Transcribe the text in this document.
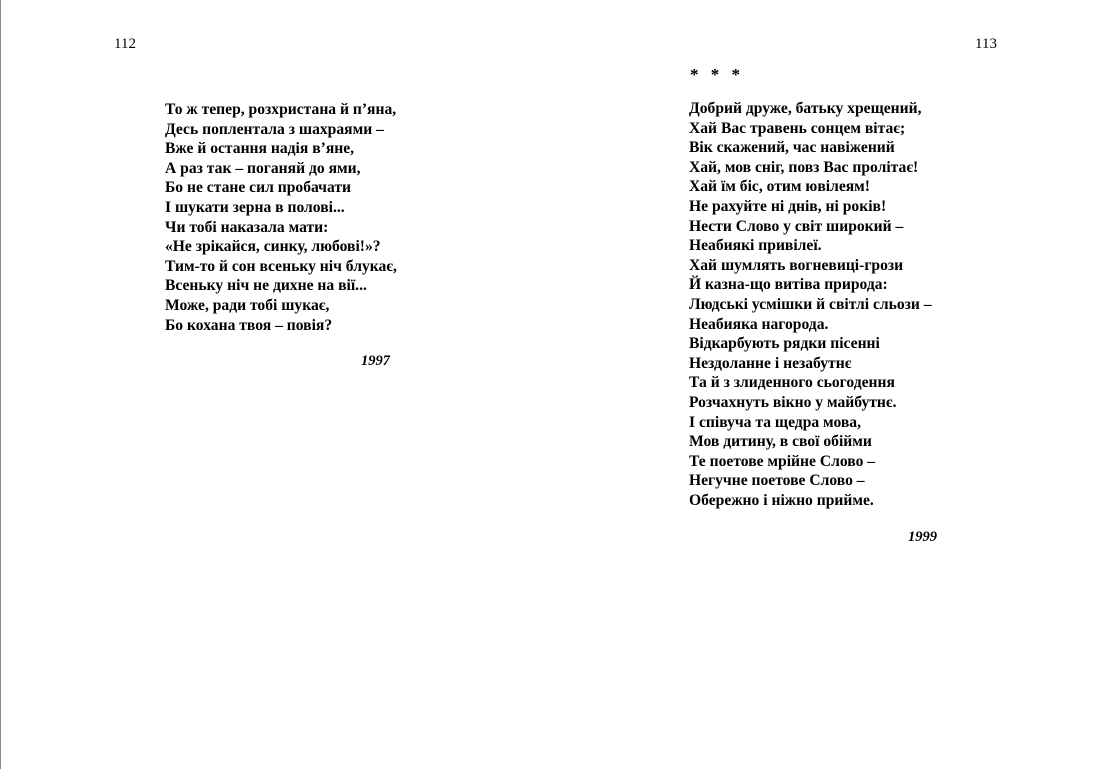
112
То ж тепер, розхристана й п’яна,
Десь поплентала з шахраями –
Вже й остання надія в’яне,
А раз так – поганяй до ями,
Бо не стане сил пробачати
І шукати зерна в полові...
Чи тобі наказала мати:
«Не зрікайся, синку, любові!»?
Тим-то й сон всеньку ніч блукає,
Всеньку ніч не дихне на вії...
Може, ради тобі шукає,
Бо кохана твоя – повія?
1997
113
* * *
Добрий друже, батьку хрещений,
Хай Вас травень сонцем вітає;
Вік скажений, час навіжений
Хай, мов сніг, повз Вас пролітає!
Хай їм біс, отим ювілеям!
Не рахуйте ні днів, ні років!
Нести Слово у світ широкий –
Неабиякі привілеї.
Хай шумлять вогневиці-грози
Й казна-що витіва природа:
Людські усмішки й світлі сльози –
Неабияка нагорода.
Відкарбують рядки пісенні
Нездоланне і незабутнє
Та й з злиденного сьогодення
Розчахнуть вікно у майбутнє.
І співуча та щедра мова,
Мов дитину, в свої обійми
Те поетове мрійне Слово –
Негучне поетове Слово –
Обережно і ніжно прийме.
1999
